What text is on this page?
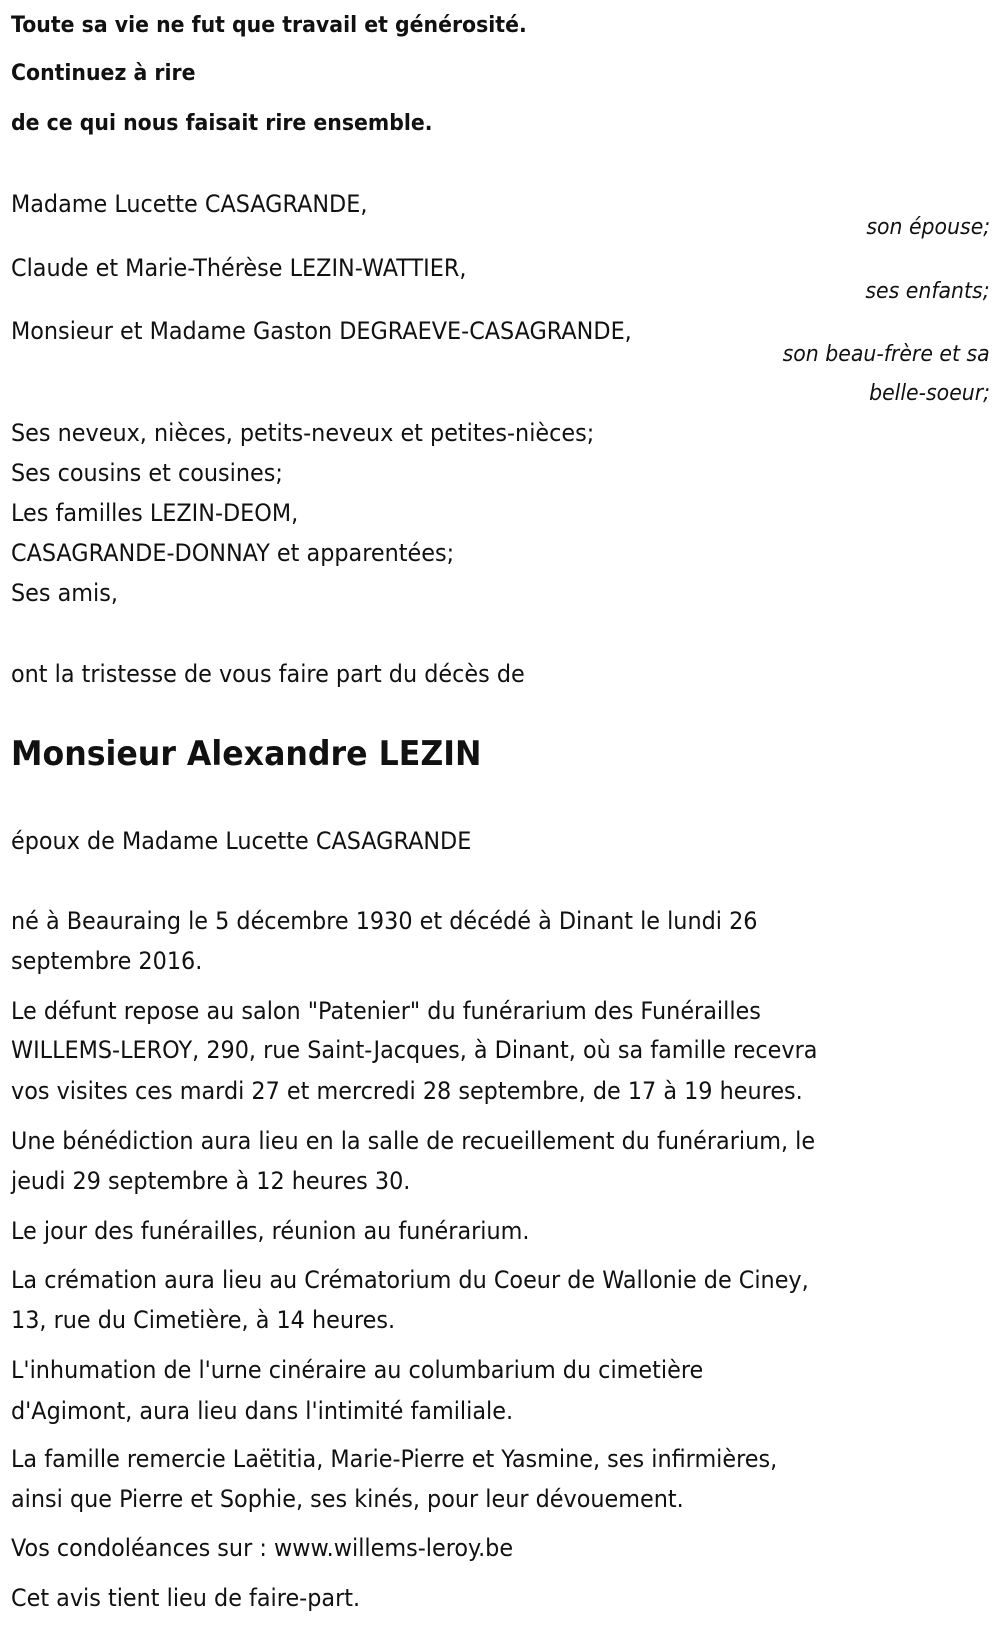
Toute sa vie ne fut que travail et générosité.
Continuez à rire
de ce qui nous faisait rire ensemble.
Madame Lucette CASAGRANDE,
son épouse;
Claude et Marie-Thérèse LEZIN-WATTIER,
ses enfants;
Monsieur et Madame Gaston DEGRAEVE-CASAGRANDE,
son beau-frère et sa
belle-soeur;
Ses neveux, nièces, petits-neveux et petites-nièces;
Ses cousins et cousines;
Les familles LEZIN-DEOM,
CASAGRANDE-DONNAY et apparentées;
Ses amis,
ont la tristesse de vous faire part du décès de
Monsieur Alexandre LEZIN
époux de Madame Lucette CASAGRANDE
né à Beauraing le 5 décembre 1930 et décédé à Dinant le lundi 26
septembre 2016.
Le défunt repose au salon "Patenier" du funérarium des Funérailles
WILLEMS-LEROY, 290, rue Saint-Jacques, à Dinant, où sa famille recevra
vos visites ces mardi 27 et mercredi 28 septembre, de 17 à 19 heures.
Une bénédiction aura lieu en la salle de recueillement du funérarium, le
jeudi 29 septembre à 12 heures 30.
Le jour des funérailles, réunion au funérarium.
La crémation aura lieu au Crématorium du Coeur de Wallonie de Ciney,
13, rue du Cimetière, à 14 heures.
L'inhumation de l'urne cinéraire au columbarium du cimetière
d'Agimont, aura lieu dans l'intimité familiale.
La famille remercie Laëtitia, Marie-Pierre et Yasmine, ses infirmières,
ainsi que Pierre et Sophie, ses kinés, pour leur dévouement.
Vos condoléances sur : www.willems-leroy.be
Cet avis tient lieu de faire-part.
